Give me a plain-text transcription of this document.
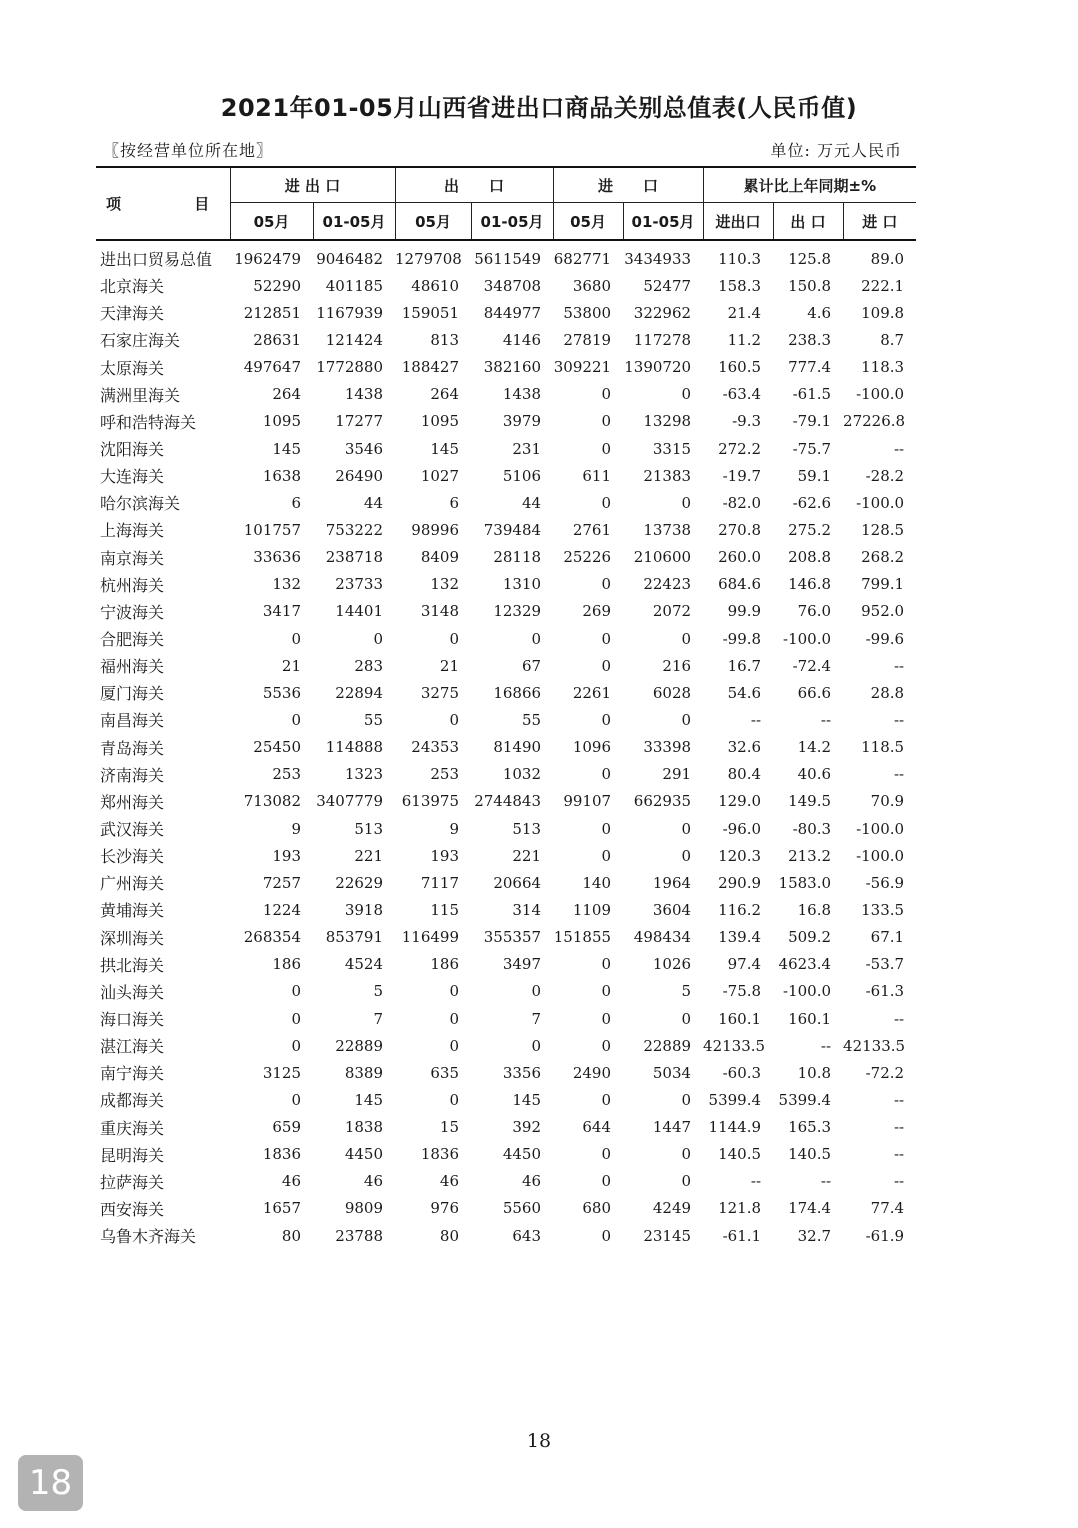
2021年01-05月山西省进出口商品关别总值表(人民币值)
〖按经营单位所在地〗	单位: 万元人民币
项 目	进 出 口		出　　口		进　　口		累计比上年同期±%		
	05月	01-05月	05月	01-05月	05月	01-05月	进出口	出 口	进 口
进出口贸易总值	1962479	9046482	1279708	5611549	682771	3434933	110.3	125.8	89.0
北京海关	52290	401185	48610	348708	3680	52477	158.3	150.8	222.1
天津海关	212851	1167939	159051	844977	53800	322962	21.4	4.6	109.8
石家庄海关	28631	121424	813	4146	27819	117278	11.2	238.3	8.7
太原海关	497647	1772880	188427	382160	309221	1390720	160.5	777.4	118.3
满洲里海关	264	1438	264	1438	0	0	-63.4	-61.5	-100.0
呼和浩特海关	1095	17277	1095	3979	0	13298	-9.3	-79.1	27226.8
沈阳海关	145	3546	145	231	0	3315	272.2	-75.7	--
大连海关	1638	26490	1027	5106	611	21383	-19.7	59.1	-28.2
哈尔滨海关	6	44	6	44	0	0	-82.0	-62.6	-100.0
上海海关	101757	753222	98996	739484	2761	13738	270.8	275.2	128.5
南京海关	33636	238718	8409	28118	25226	210600	260.0	208.8	268.2
杭州海关	132	23733	132	1310	0	22423	684.6	146.8	799.1
宁波海关	3417	14401	3148	12329	269	2072	99.9	76.0	952.0
合肥海关	0	0	0	0	0	0	-99.8	-100.0	-99.6
福州海关	21	283	21	67	0	216	16.7	-72.4	--
厦门海关	5536	22894	3275	16866	2261	6028	54.6	66.6	28.8
南昌海关	0	55	0	55	0	0	--	--	--
青岛海关	25450	114888	24353	81490	1096	33398	32.6	14.2	118.5
济南海关	253	1323	253	1032	0	291	80.4	40.6	--
郑州海关	713082	3407779	613975	2744843	99107	662935	129.0	149.5	70.9
武汉海关	9	513	9	513	0	0	-96.0	-80.3	-100.0
长沙海关	193	221	193	221	0	0	120.3	213.2	-100.0
广州海关	7257	22629	7117	20664	140	1964	290.9	1583.0	-56.9
黄埔海关	1224	3918	115	314	1109	3604	116.2	16.8	133.5
深圳海关	268354	853791	116499	355357	151855	498434	139.4	509.2	67.1
拱北海关	186	4524	186	3497	0	1026	97.4	4623.4	-53.7
汕头海关	0	5	0	0	0	5	-75.8	-100.0	-61.3
海口海关	0	7	0	7	0	0	160.1	160.1	--
湛江海关	0	22889	0	0	0	22889	42133.5	--	42133.5
南宁海关	3125	8389	635	3356	2490	5034	-60.3	10.8	-72.2
成都海关	0	145	0	145	0	0	5399.4	5399.4	--
重庆海关	659	1838	15	392	644	1447	1144.9	165.3	--
昆明海关	1836	4450	1836	4450	0	0	140.5	140.5	--
拉萨海关	46	46	46	46	0	0	--	--	--
西安海关	1657	9809	976	5560	680	4249	121.8	174.4	77.4
乌鲁木齐海关	80	23788	80	643	0	23145	-61.1	32.7	-61.9
18
18
